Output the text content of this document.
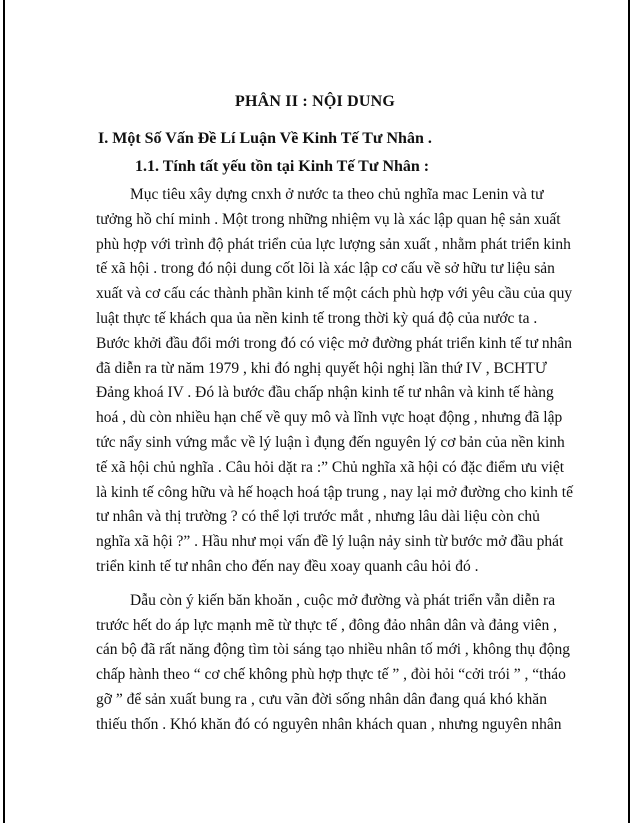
PHÂN II : NỘI DUNG
I. Một Số Vấn Đề Lí Luận Về Kinh Tế Tư Nhân .
1.1. Tính tất yếu tồn tại Kinh Tế Tư Nhân :
Mục tiêu xây dựng cnxh ở nước ta theo chủ nghĩa mac Lenin và tư
tưởng hồ chí minh . Một trong những nhiệm vụ là xác lập quan hệ sản xuất
phù hợp với trình độ phát triển của lực lượng sản xuất , nhằm phát triển kinh
tế xã hội . trong đó nội dung cốt lõi là xác lập cơ cấu về sở hữu tư liệu sản
xuất và cơ cấu các thành phần kinh tế một cách phù hợp với yêu cầu của quy
luật thực tế khách qua ủa nền kinh tế trong thời kỳ quá độ của nước ta .
Bước khởi đầu đổi mới trong đó có việc mở đường phát triển kinh tế tư nhân
đã diễn ra từ năm 1979 , khi đó nghị quyết hội nghị lần thứ IV , BCHTƯ
Đảng khoá IV . Đó là bước đầu chấp nhận kinh tế tư nhân và kinh tế hàng
hoá , dù còn nhiều hạn chế về quy mô và lĩnh vực hoạt động , nhưng đã lập
tức nẩy sinh vứng mắc về lý luận ì đụng đến nguyên lý cơ bản của nền kinh
tế xã hội chủ nghĩa . Câu hỏi dặt ra :” Chủ nghĩa xã hội có đặc điểm ưu việt
là kinh tế công hữu và hế hoạch hoá tập trung , nay lại mở đường cho kinh tế
tư nhân và thị trường ? có thể lợi trước mắt , nhưng lâu dài liệu còn chủ
nghĩa xã hội ?” . Hầu như mọi vấn đề lý luận nảy sinh từ bước mở đầu phát
triển kinh tế tư nhân cho đến nay đều xoay quanh câu hỏi đó .
Dẫu còn ý kiến băn khoăn , cuộc mở đường và phát triển vẫn diễn ra
trước hết do áp lực mạnh mẽ từ thực tế , đông đảo nhân dân và đảng viên ,
cán bộ đã rất năng động tìm tòi sáng tạo nhiều nhân tố mới , không thụ động
chấp hành theo “ cơ chế không phù hợp thực tế ” , đòi hỏi “cởi trói ” , “tháo
gỡ ” để sản xuất bung ra , cưu vãn đời sống nhân dân đang quá khó khăn
thiếu thốn . Khó khăn đó có nguyên nhân khách quan , nhưng nguyên nhân
